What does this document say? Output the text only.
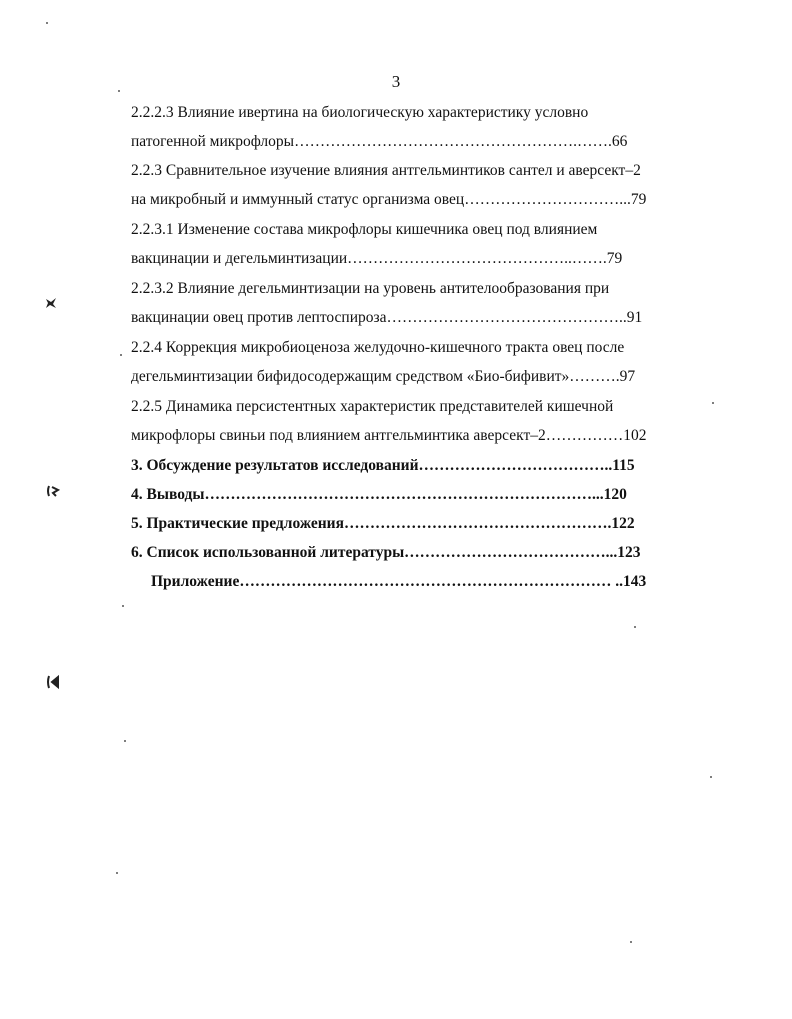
3
2.2.2.3 Влияние ивертина на биологическую характеристику условно
патогенной микрофлоры……………………………………………….…….66
2.2.3 Сравнительное изучение влияния антгельминтиков сантел и аверсект–2
на микробный и иммунный статус организма овец…………………………...79
2.2.3.1 Изменение состава микрофлоры кишечника овец под влиянием
вакцинации и дегельминтизации……………………………………..…….79
2.2.3.2 Влияние дегельминтизации на уровень антителообразования при
вакцинации овец против лептоспироза………………………………………..91
2.2.4 Коррекция микробиоценоза желудочно-кишечного тракта овец после
дегельминтизации бифидосодержащим средством «Био-бифивит»……….97
2.2.5 Динамика персистентных характеристик представителей кишечной
микрофлоры свиньи под влиянием антгельминтика аверсект–2……………102
3. Обсуждение результатов исследований………………………………..115
4. Выводы…………………………………………………………………...120
5. Практические предложения…………………………………………….122
6. Список использованной литературы…………………………………...123
Приложение……………………………………………………………… ..143
